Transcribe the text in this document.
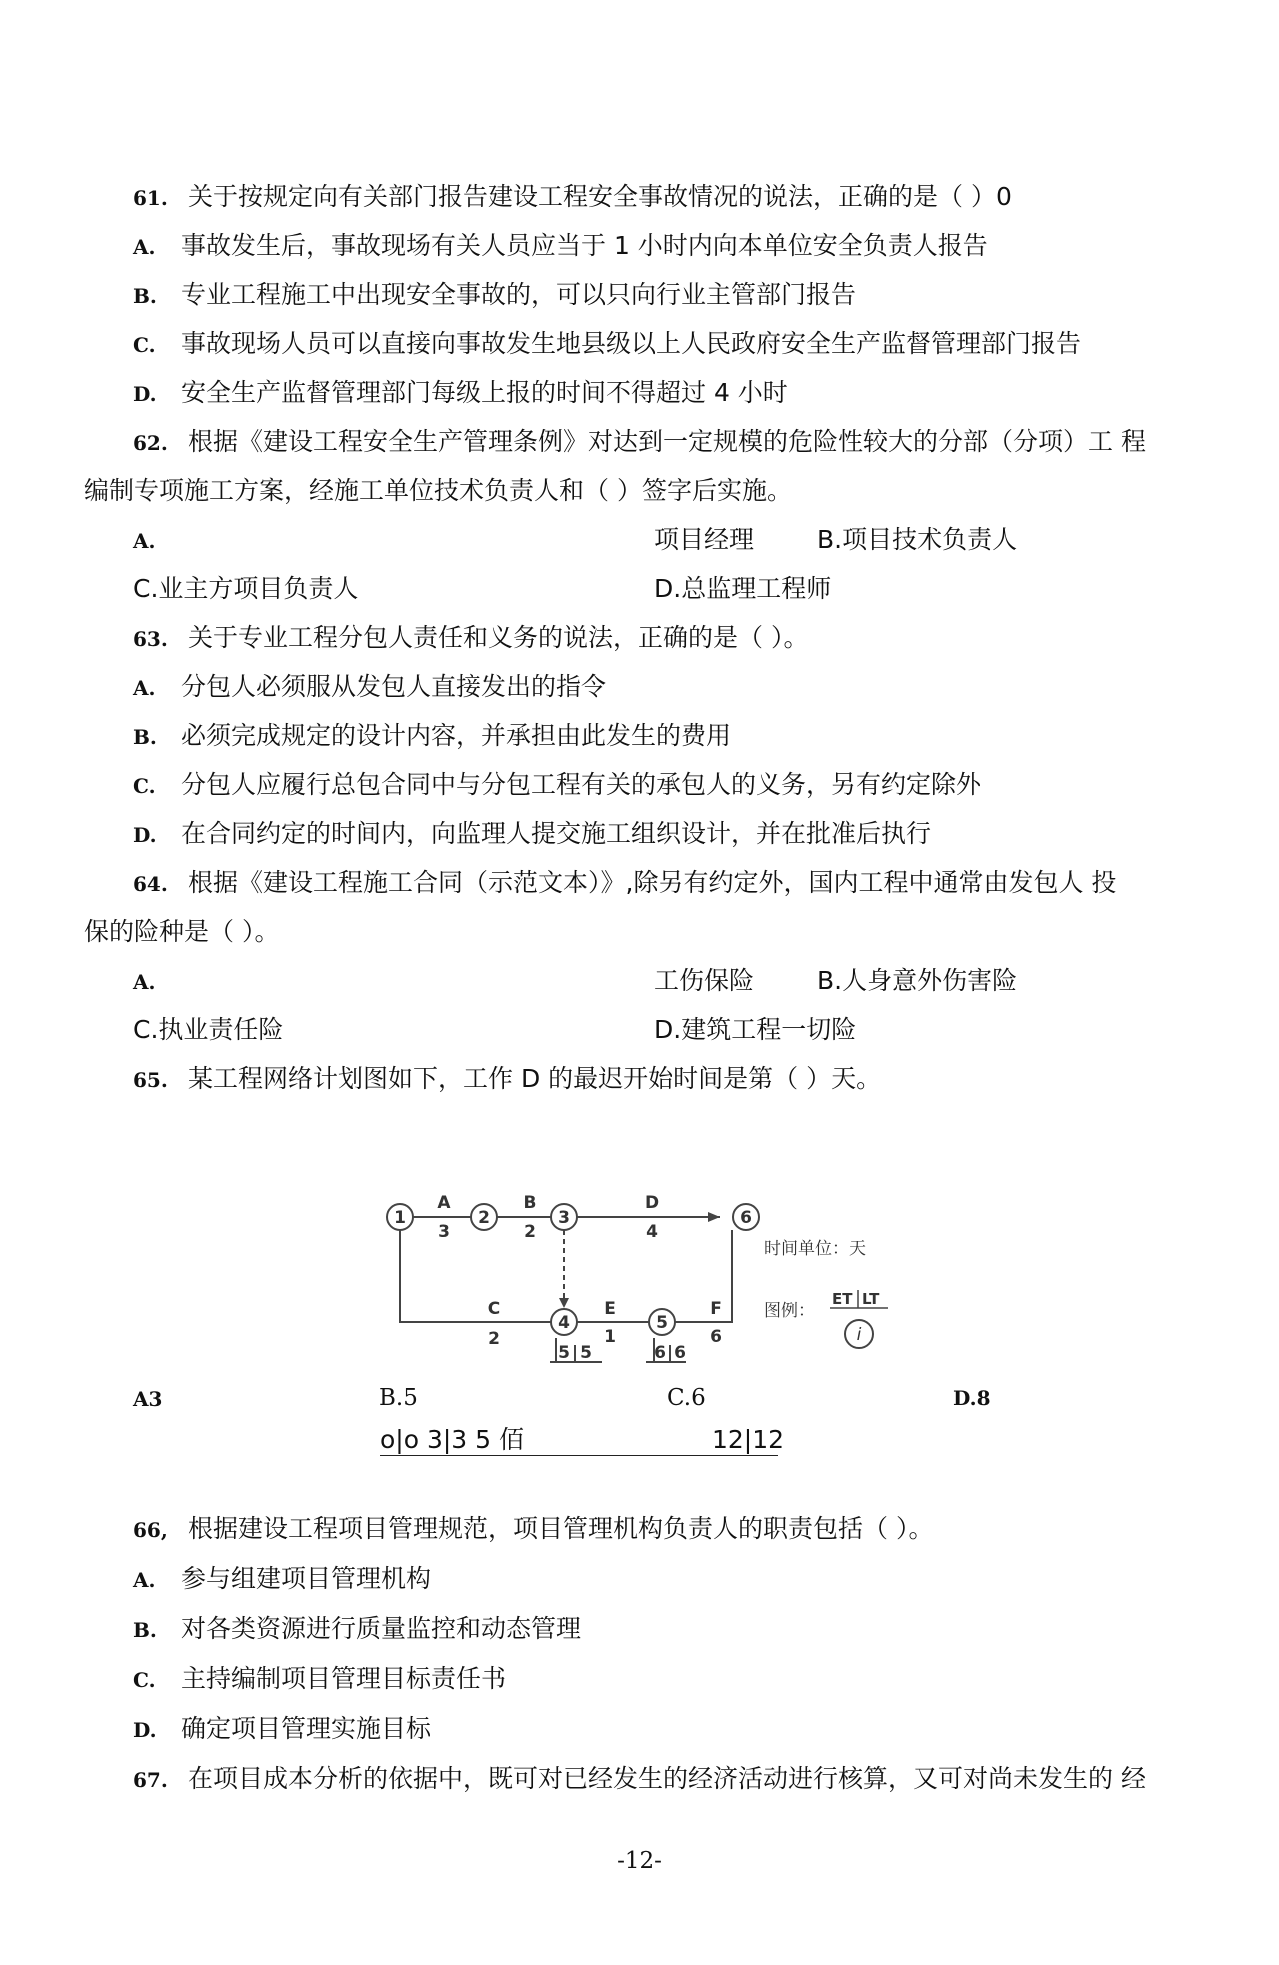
61. 关于按规定向有关部门报告建设工程安全事故情况的说法，正确的是（ ）0
A. 事故发生后，事故现场有关人员应当于 1 小时内向本单位安全负责人报告
B. 专业工程施工中出现安全事故的，可以只向行业主管部门报告
C. 事故现场人员可以直接向事故发生地县级以上人民政府安全生产监督管理部门报告
D. 安全生产监督管理部门每级上报的时间不得超过 4 小时
62. 根据《建设工程安全生产管理条例》对达到一定规模的危险性较大的分部（分项）工 程
编制专项施工方案，经施工单位技术负责人和（ ）签字后实施。
A.	项目经理	B.项目技术负责人
C.业主方项目负责人	D.总监理工程师
63. 关于专业工程分包人责任和义务的说法，正确的是（ ）。
A. 分包人必须服从发包人直接发出的指令
B. 必须完成规定的设计内容，并承担由此发生的费用
C. 分包人应履行总包合同中与分包工程有关的承包人的义务，另有约定除外
D. 在合同约定的时间内，向监理人提交施工组织设计，并在批准后执行
64. 根据《建设工程施工合同（示范文本）》,除另有约定外，国内工程中通常由发包人 投
保的险种是（ ）。
A.	工伤保险	B.人身意外伤害险
C.执业责任险	D.建筑工程一切险
65. 某工程网络计划图如下，工作 D 的最迟开始时间是第（ ）天。
1	2	3
4	5
6
A
3
B
2
D
4
C
2
E
1
F
6
5 5	6 6
时间单位：天
图例：
ET LT
i
A3	B.5	C.6	D.8
o|o 3|3 5 佰	12|12
66, 根据建设工程项目管理规范，项目管理机构负责人的职责包括（ ）。
A. 参与组建项目管理机构
B. 对各类资源进行质量监控和动态管理
C. 主持编制项目管理目标责任书
D. 确定项目管理实施目标
67. 在项目成本分析的依据中，既可对已经发生的经济活动进行核算，又可对尚未发生的 经
-12-
